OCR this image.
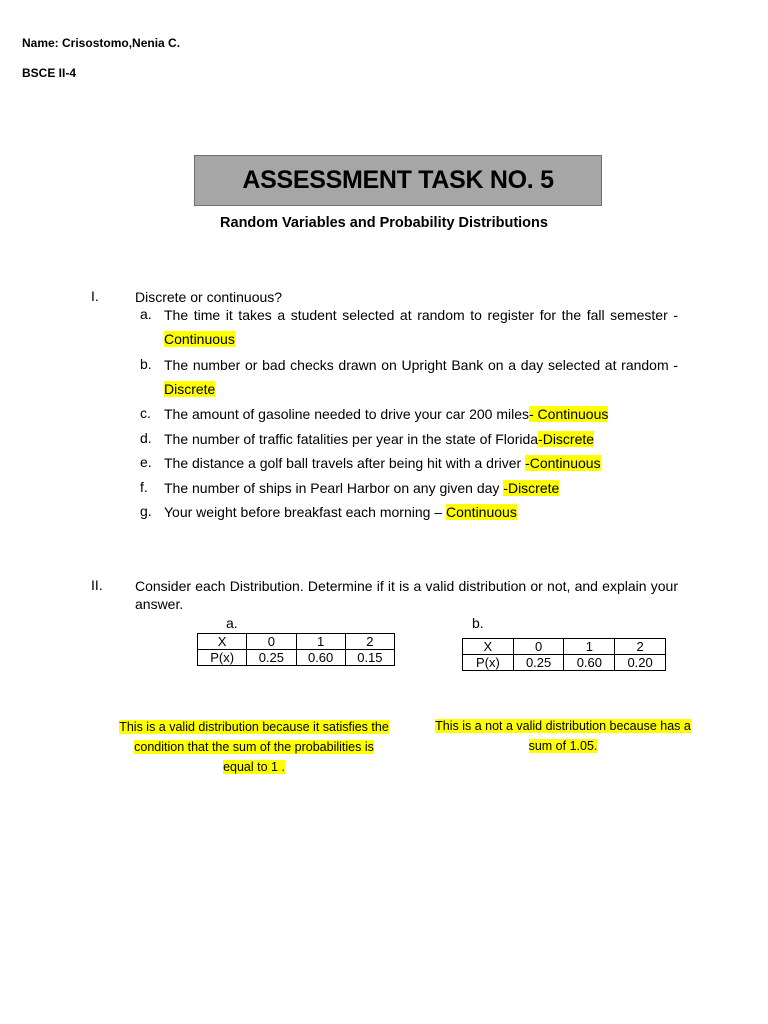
Name: Crisostomo,Nenia C.
BSCE II-4
ASSESSMENT TASK NO. 5
Random Variables and Probability Distributions
I.	Discrete or continuous?
a. The time it takes a student selected at random to register for the fall semester - Continuous
b. The number or bad checks drawn on Upright Bank on a day selected at random - Discrete
c. The amount of gasoline needed to drive your car 200 miles- Continuous
d. The number of traffic fatalities per year in the state of Florida-Discrete
e. The distance a golf ball travels after being hit with a driver -Continuous
f. The number of ships in Pearl Harbor on any given day -Discrete
g. Your weight before breakfast each morning – Continuous
II. Consider each Distribution. Determine if it is a valid distribution or not, and explain your answer.
a.	b.
X	0	1	2
P(x)	0.25	0.60	0.15
X	0	1	2
P(x)	0.25	0.60	0.20
This is a valid distribution because it satisfies the
condition that the sum of the probabilities is
equal to 1 .
This is a not a valid distribution because has a
sum of 1.05.
